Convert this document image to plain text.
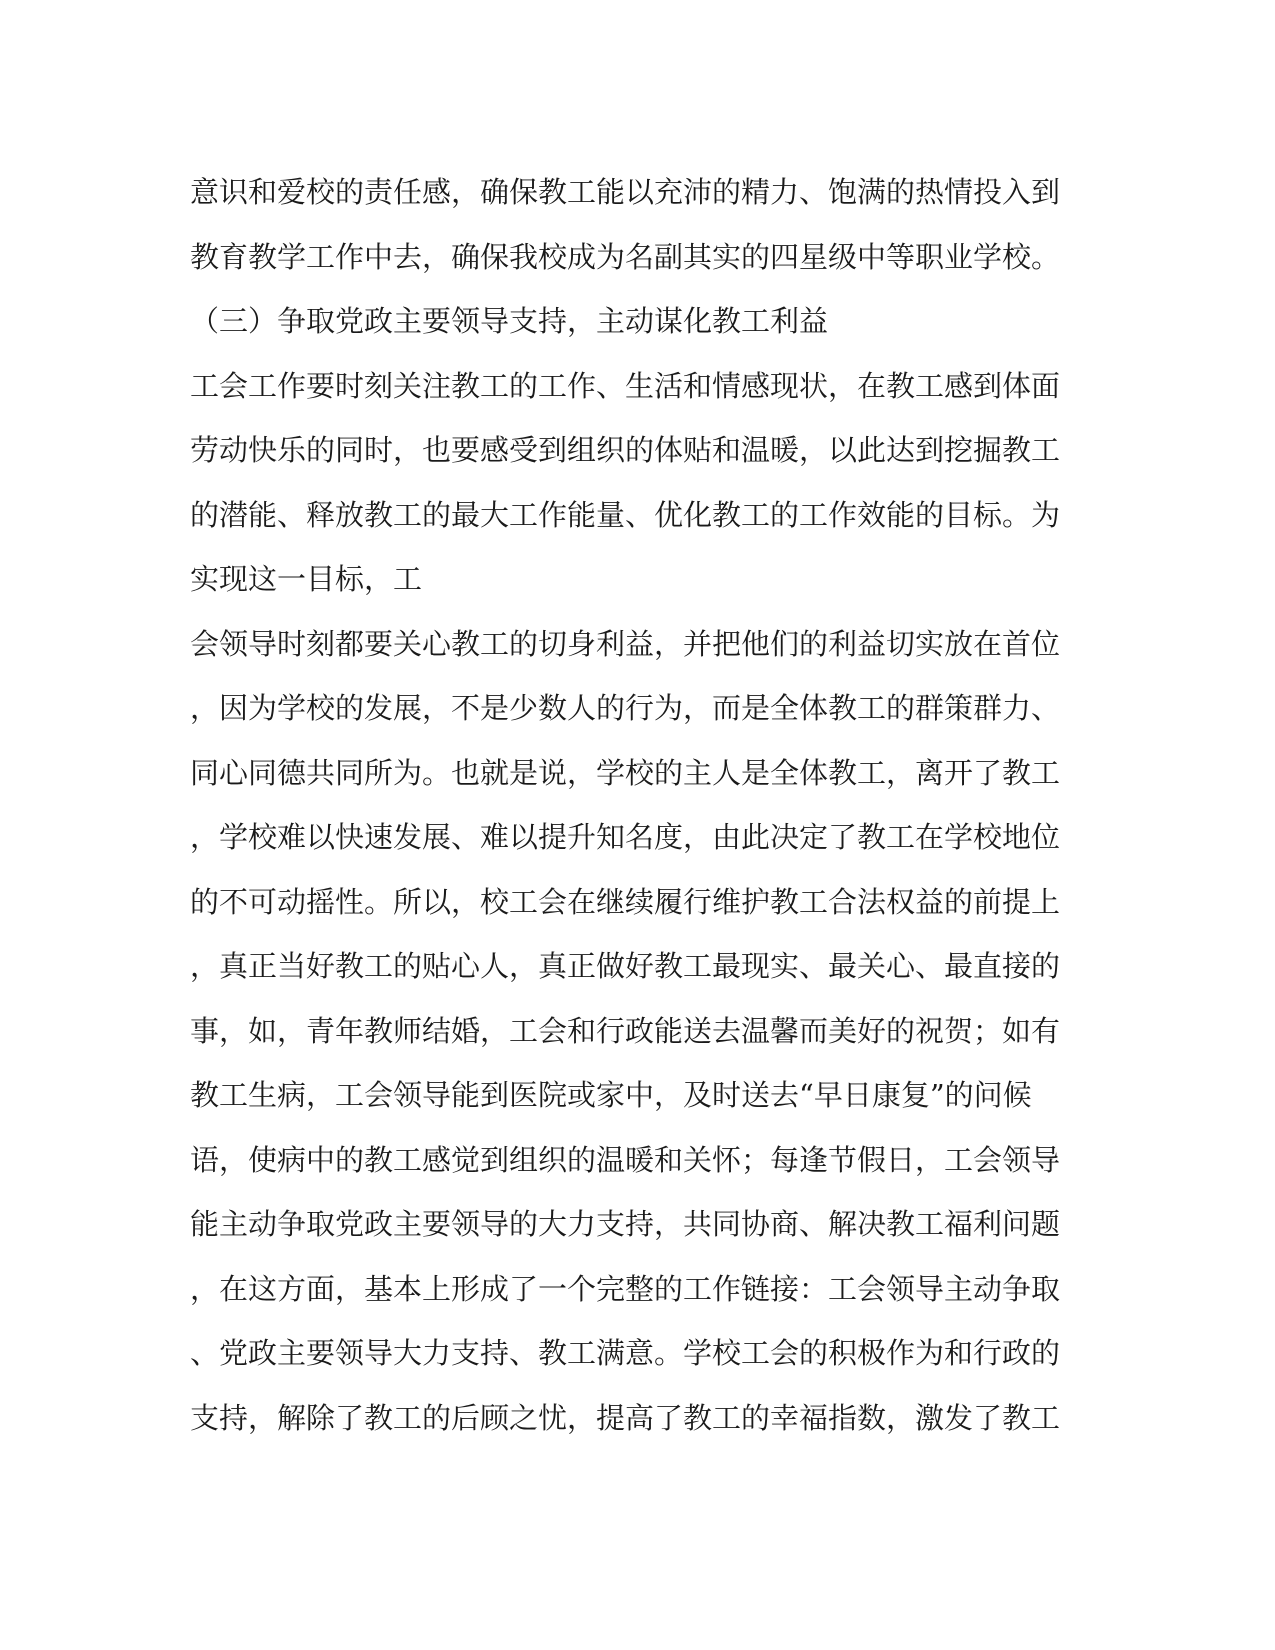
意识和爱校的责任感，确保教工能以充沛的精力、饱满的热情投入到
教育教学工作中去，确保我校成为名副其实的四星级中等职业学校。
（三）争取党政主要领导支持，主动谋化教工利益
工会工作要时刻关注教工的工作、生活和情感现状，在教工感到体面
劳动快乐的同时，也要感受到组织的体贴和温暖，以此达到挖掘教工
的潜能、释放教工的最大工作能量、优化教工的工作效能的目标。为
实现这一目标，工
会领导时刻都要关心教工的切身利益，并把他们的利益切实放在首位
，因为学校的发展，不是少数人的行为，而是全体教工的群策群力、
同心同德共同所为。也就是说，学校的主人是全体教工，离开了教工
，学校难以快速发展、难以提升知名度，由此决定了教工在学校地位
的不可动摇性。所以，校工会在继续履行维护教工合法权益的前提上
，真正当好教工的贴心人，真正做好教工最现实、最关心、最直接的
事，如，青年教师结婚，工会和行政能送去温馨而美好的祝贺；如有
教工生病，工会领导能到医院或家中，及时送去“早日康复”的问候
语，使病中的教工感觉到组织的温暖和关怀；每逢节假日，工会领导
能主动争取党政主要领导的大力支持，共同协商、解决教工福利问题
，在这方面，基本上形成了一个完整的工作链接：工会领导主动争取
、党政主要领导大力支持、教工满意。学校工会的积极作为和行政的
支持，解除了教工的后顾之忧，提高了教工的幸福指数，激发了教工
